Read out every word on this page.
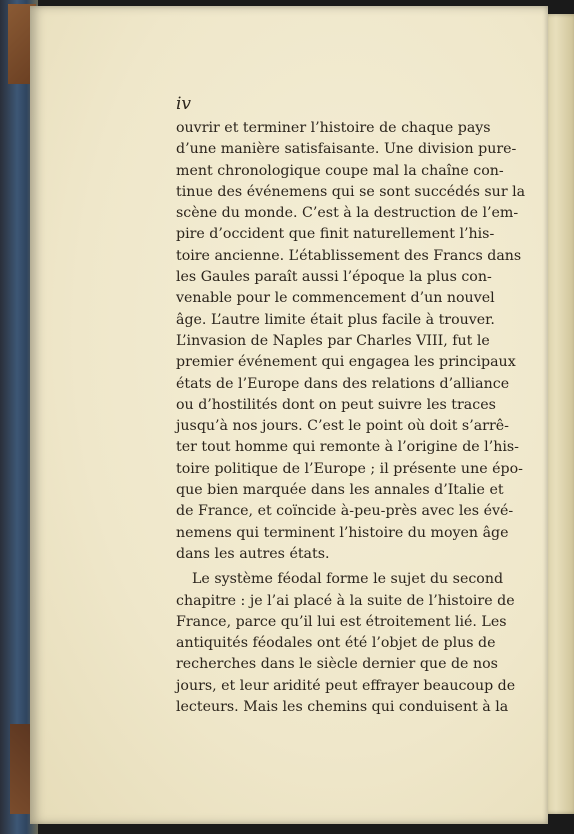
iv

ouvrir et terminer l’histoire de chaque pays
d’une manière satisfaisante. Une division pure-
ment chronologique coupe mal la chaîne con-
tinue des événemens qui se sont succédés sur la
scène du monde. C’est à la destruction de l’em-
pire d’occident que finit naturellement l’his-
toire ancienne. L’établissement des Francs dans
les Gaules paraît aussi l’époque la plus con-
venable pour le commencement d’un nouvel
âge. L’autre limite était plus facile à trouver.
L’invasion de Naples par Charles VIII, fut le
premier événement qui engagea les principaux
états de l’Europe dans des relations d’alliance
ou d’hostilités dont on peut suivre les traces
jusqu’à nos jours. C’est le point où doit s’arrê-
ter tout homme qui remonte à l’origine de l’his-
toire politique de l’Europe ; il présente une épo-
que bien marquée dans les annales d’Italie et
de France, et coïncide à-peu-près avec les évé-
nemens qui terminent l’histoire du moyen âge
dans les autres états.

Le système féodal forme le sujet du second
chapitre : je l’ai placé à la suite de l’histoire de
France, parce qu’il lui est étroitement lié. Les
antiquités féodales ont été l’objet de plus de
recherches dans le siècle dernier que de nos
jours, et leur aridité peut effrayer beaucoup de
lecteurs. Mais les chemins qui conduisent à la
